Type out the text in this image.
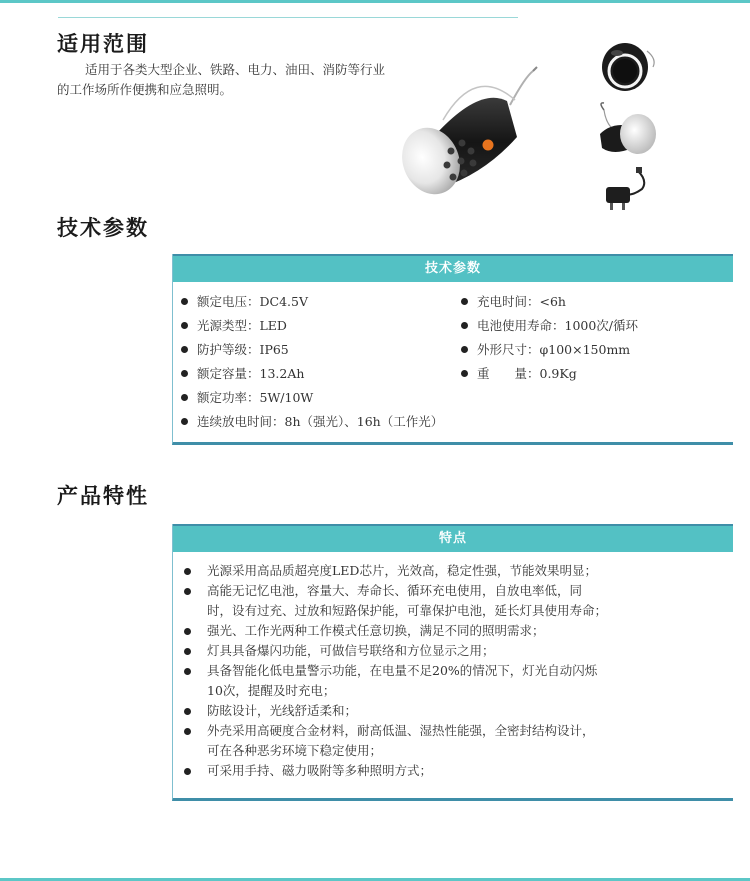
适用范围

适用于各类大型企业、铁路、电力、油田、消防等行业的工作场所作便携和应急照明。

技术参数
技术参数
额定电压：DC4.5V
光源类型：LED
防护等级：IP65
额定容量：13.2Ah
额定功率：5W/10W
连续放电时间：8h（强光）、16h（工作光）
充电时间：<6h
电池使用寿命：1000次/循环
外形尺寸：φ100×150mm
重　　量：0.9Kg
产品特性
特点
光源采用高品质超亮度LED芯片，光效高，稳定性强，节能效果明显；
高能无记忆电池，容量大、寿命长、循环充电使用，自放电率低，同
时，设有过充、过放和短路保护能，可靠保护电池，延长灯具使用寿命；
强光、工作光两种工作模式任意切换，满足不同的照明需求；
灯具具备爆闪功能，可做信号联络和方位显示之用；
具备智能化低电量警示功能，在电量不足20%的情况下，灯光自动闪烁
10次，提醒及时充电；
防眩设计，光线舒适柔和；
外壳采用高硬度合金材料，耐高低温、湿热性能强，全密封结构设计，
可在各种恶劣环境下稳定使用；
可采用手持、磁力吸附等多种照明方式；
